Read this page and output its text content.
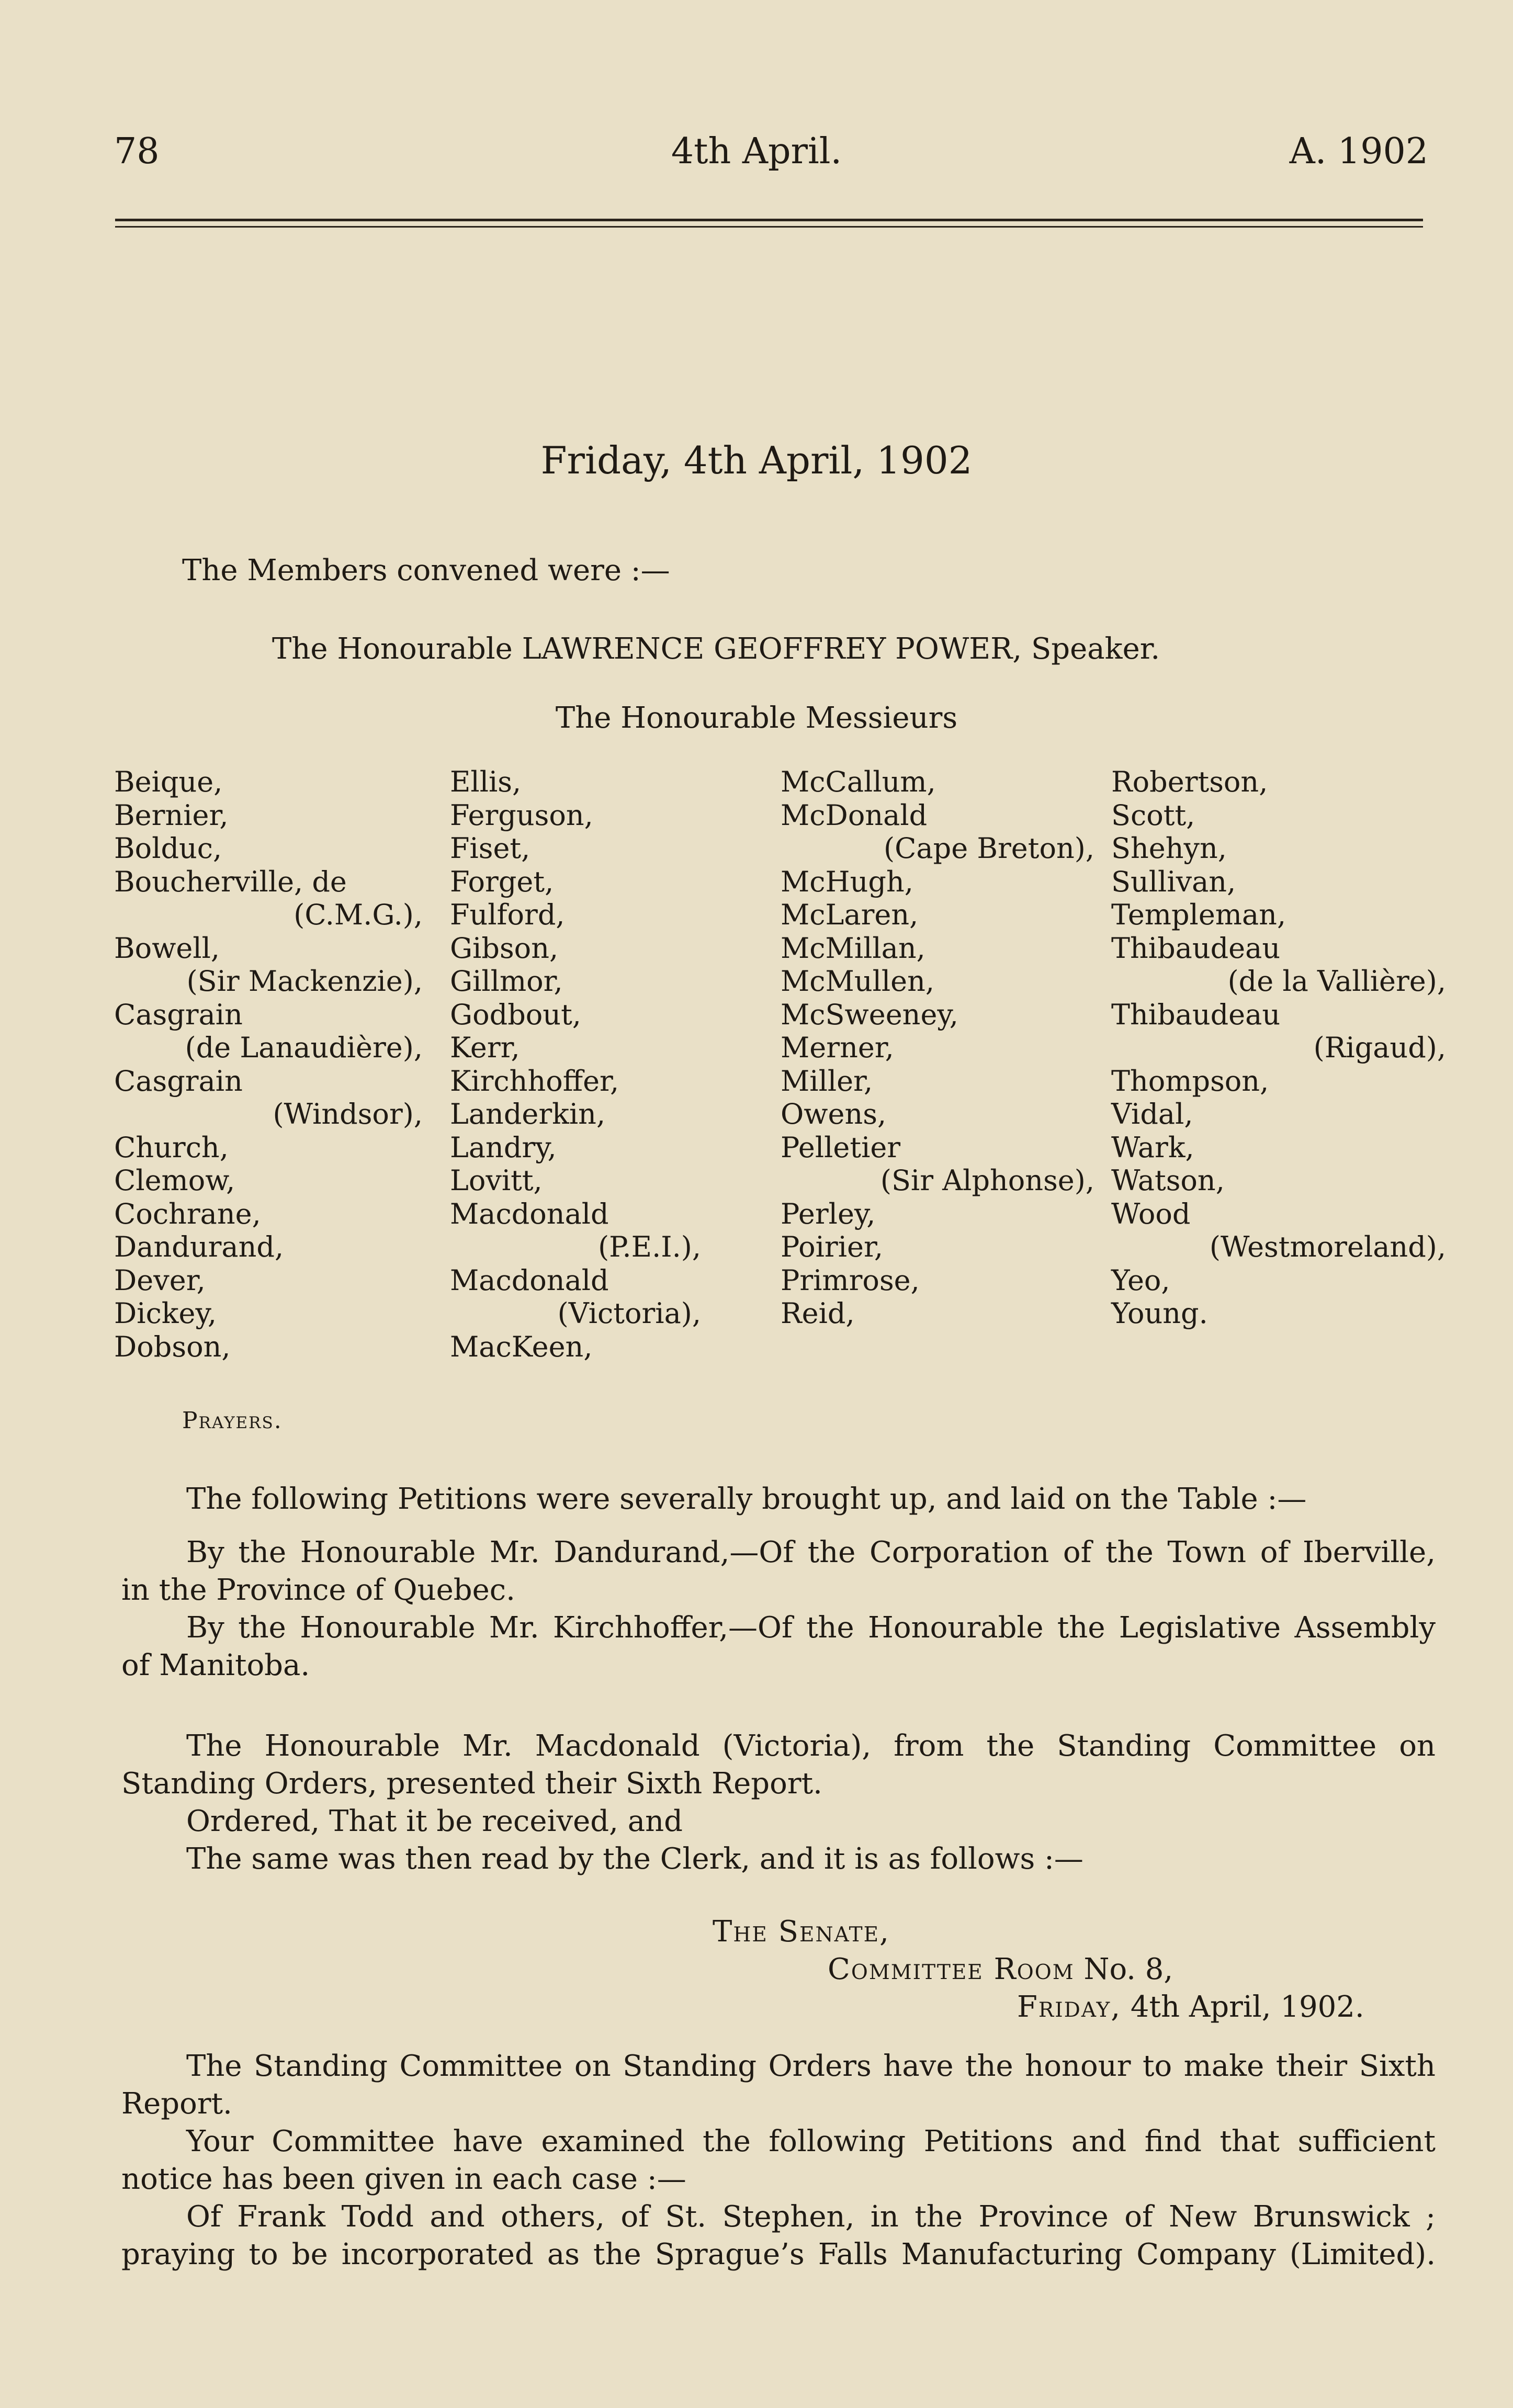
78	4th April.	A. 1902
Friday, 4th April, 1902
The Members convened were :—
The Honourable LAWRENCE GEOFFREY POWER, Speaker.
The Honourable Messieurs
Beique,
Bernier,
Bolduc,
Boucherville, de
(C.M.G.),
Bowell,
(Sir Mackenzie),
Casgrain
(de Lanaudière),
Casgrain
(Windsor),
Church,
Clemow,
Cochrane,
Dandurand,
Dever,
Dickey,
Dobson,
Ellis,
Ferguson,
Fiset,
Forget,
Fulford,
Gibson,
Gillmor,
Godbout,
Kerr,
Kirchhoffer,
Landerkin,
Landry,
Lovitt,
Macdonald
(P.E.I.),
Macdonald
(Victoria),
MacKeen,
McCallum,
McDonald
(Cape Breton),
McHugh,
McLaren,
McMillan,
McMullen,
McSweeney,
Merner,
Miller,
Owens,
Pelletier
(Sir Alphonse),
Perley,
Poirier,
Primrose,
Reid,
Robertson,
Scott,
Shehyn,
Sullivan,
Templeman,
Thibaudeau
(de la Vallière),
Thibaudeau
(Rigaud),
Thompson,
Vidal,
Wark,
Watson,
Wood
(Westmoreland),
Yeo,
Young.
Prayers.
The following Petitions were severally brought up, and laid on the Table :—
By the Honourable Mr. Dandurand,—Of the Corporation of the Town of Iberville,
in the Province of Quebec.
By the Honourable Mr. Kirchhoffer,—Of the Honourable the Legislative Assembly
of Manitoba.
The Honourable Mr. Macdonald (Victoria), from the Standing Committee on
Standing Orders, presented their Sixth Report.
Ordered, That it be received, and
The same was then read by the Clerk, and it is as follows :—
The Senate,
Committee Room No. 8,
Friday, 4th April, 1902.
The Standing Committee on Standing Orders have the honour to make their Sixth
Report.
Your Committee have examined the following Petitions and find that sufficient
notice has been given in each case :—
Of Frank Todd and others, of St. Stephen, in the Province of New Brunswick ;
praying to be incorporated as the Sprague’s Falls Manufacturing Company (Limited).
